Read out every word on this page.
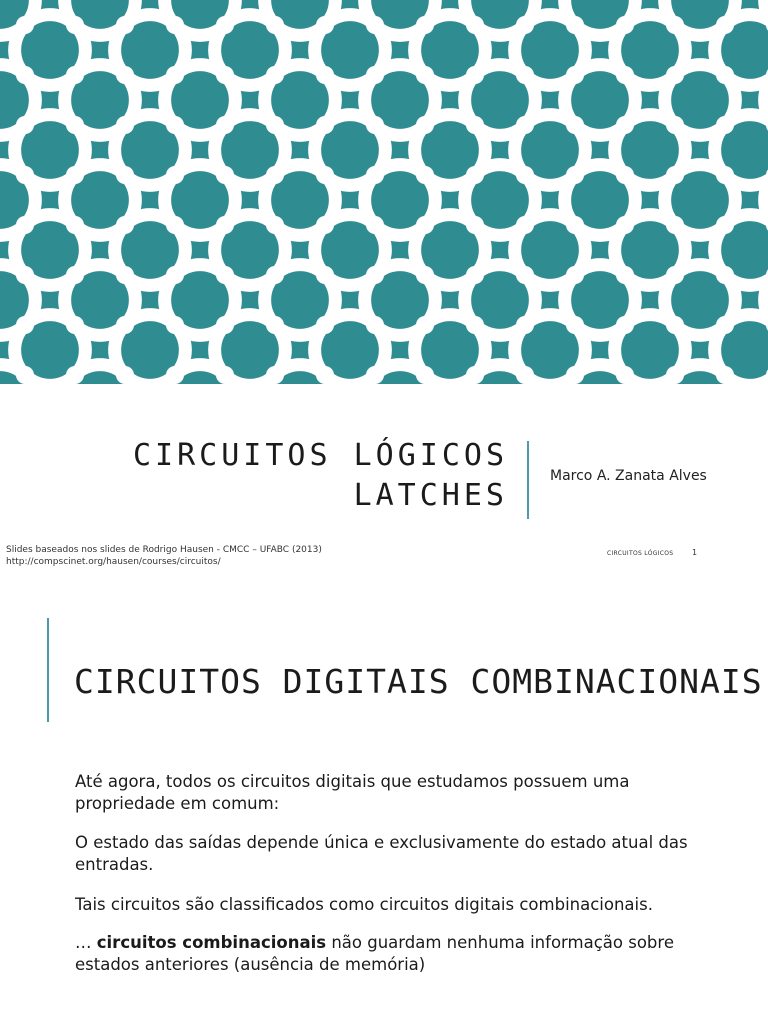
CIRCUITOS LÓGICOS
LATCHES
Marco A. Zanata Alves
Slides baseados nos slides de Rodrigo Hausen - CMCC – UFABC (2013)
http://compscinet.org/hausen/courses/circuitos/
CIRCUITOS LÓGICOS 1
CIRCUITOS DIGITAIS COMBINACIONAIS

Até agora, todos os circuitos digitais que estudamos possuem uma propriedade em comum:

O estado das saídas depende única e exclusivamente do estado atual das entradas.

Tais circuitos são classificados como circuitos digitais combinacionais.

… circuitos combinacionais não guardam nenhuma informação sobre estados anteriores (ausência de memória)
